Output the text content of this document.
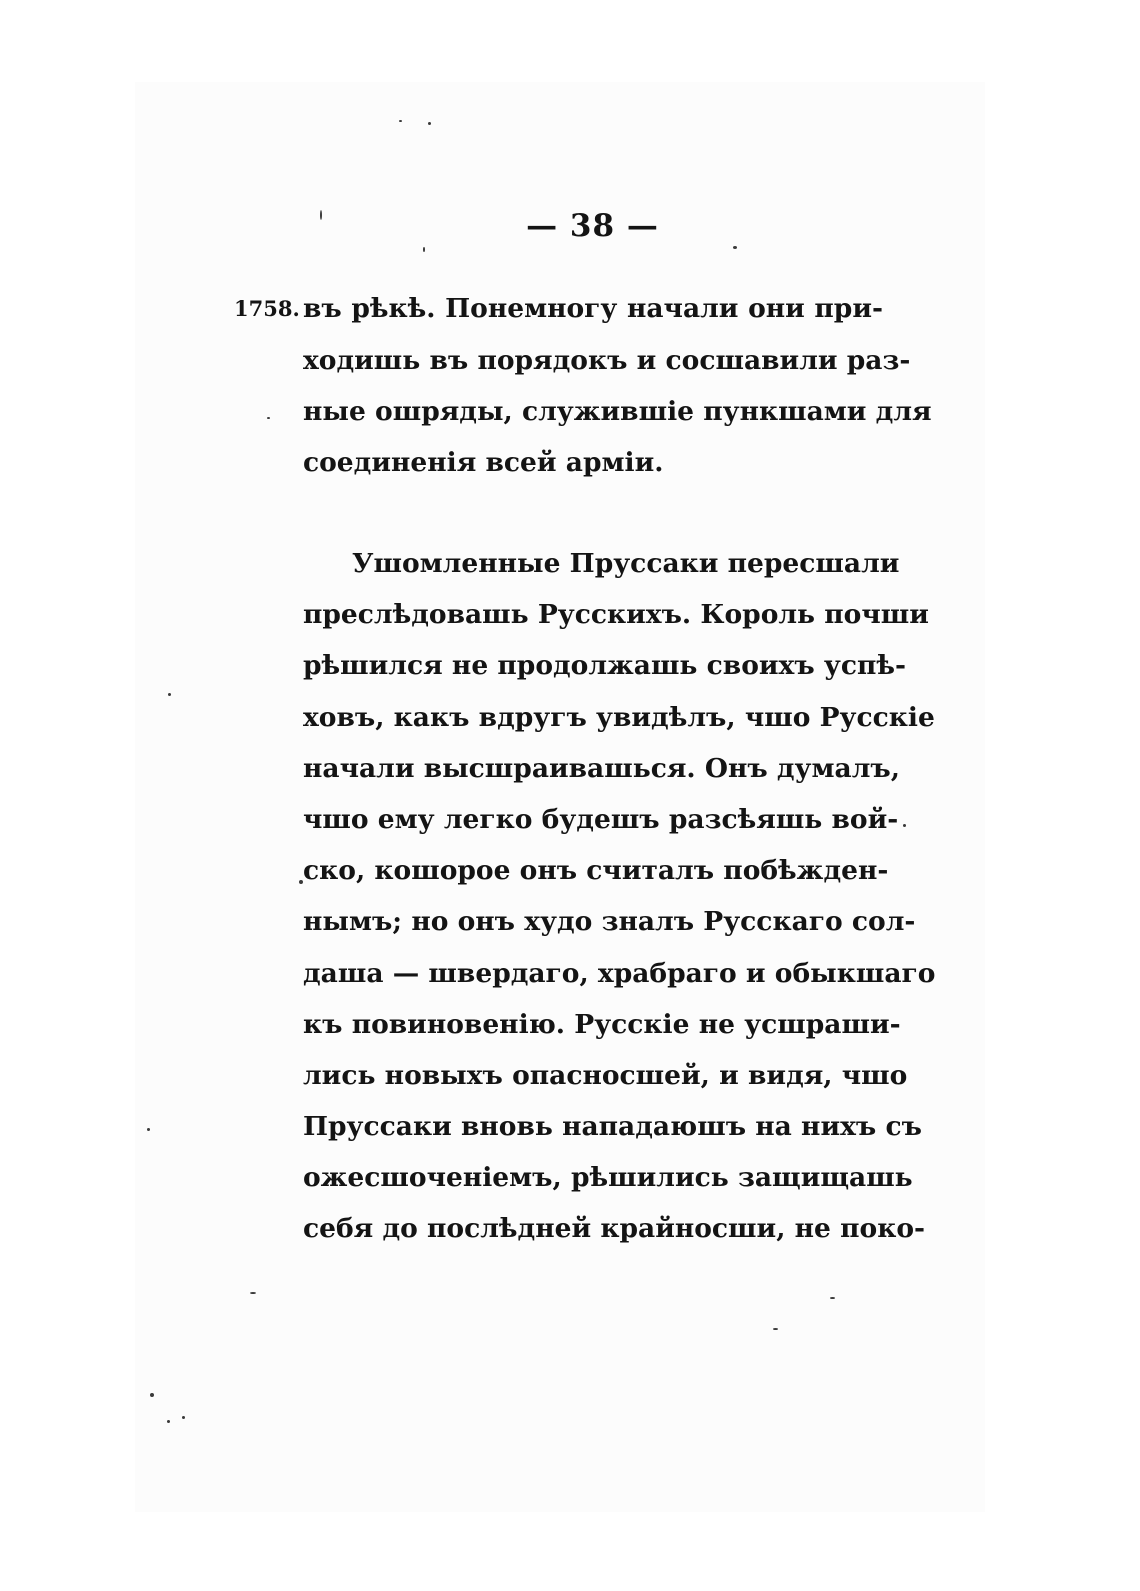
— 38 —
1758. въ рѣкѣ. Понемногу начали они при-
ходишь въ порядокъ и сосшавили раз-
ные ошряды, служившіе пункшами для
соединенія всей арміи.
Ушомленные Пруссаки пересшали
преслѣдовашь Русскихъ. Король почши
рѣшился не продолжашь своихъ успѣ-
ховъ, какъ вдругъ увидѣлъ, чшо Русскіе
начали выcшраивашься. Онъ думалъ,
чшо ему легко будешъ разсѣяшь вой-
ско, кошорое онъ считалъ побѣжден-
нымъ; но онъ худо зналъ Русскаго сол-
даша — швердаго, храбраго и обыкшаго
къ повиновенію. Русскіе не усшраши-
лись новыхъ опасносшей, и видя, чшо
Пруссаки вновь нападаюшъ на нихъ съ
ожесшоченіемъ, рѣшились защищашь
себя до послѣдней крайносши, не поко-
